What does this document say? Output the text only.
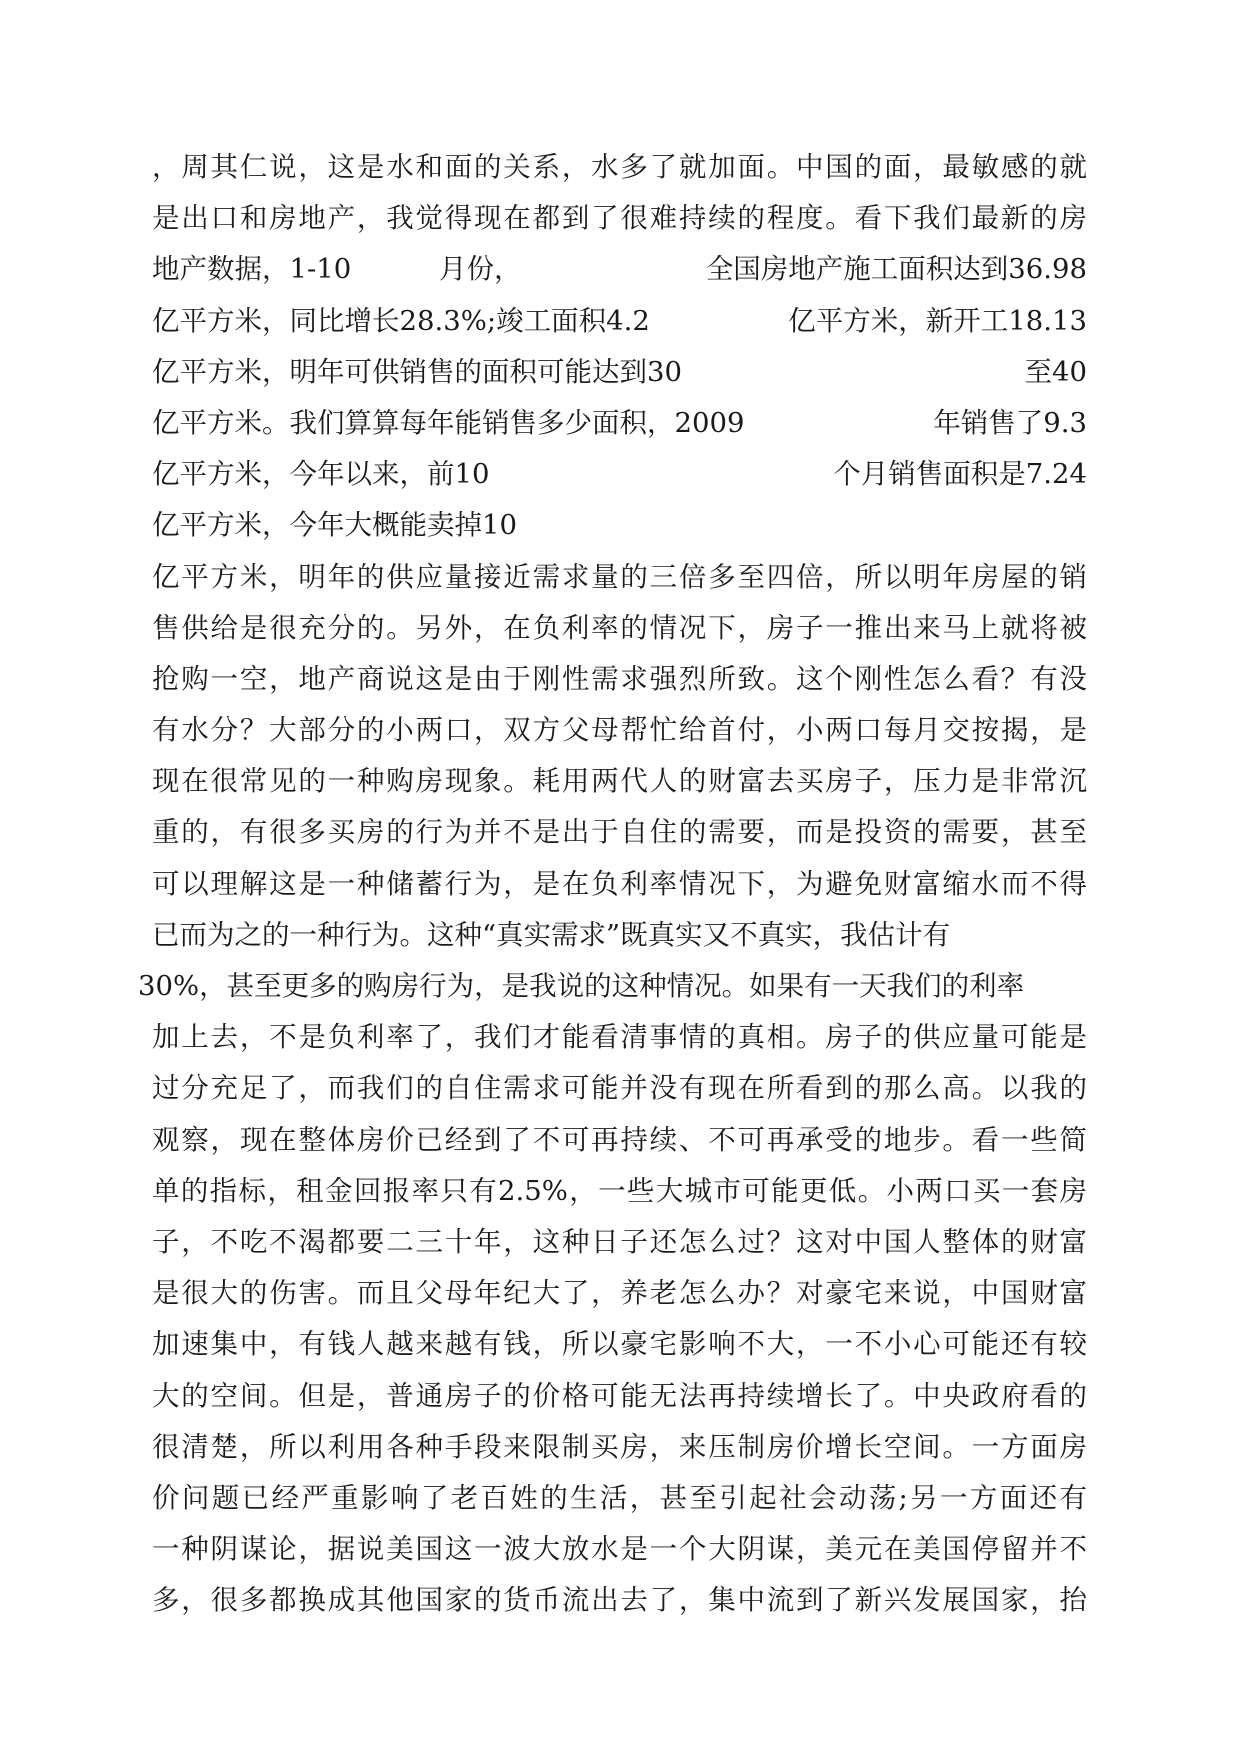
，周其仁说，这是水和面的关系，水多了就加面。中国的面，最敏感的就
是出口和房地产，我觉得现在都到了很难持续的程度。看下我们最新的房
地产数据，1-10	月份，	全国房地产施工面积达到36.98
亿平方米，同比增长28.3%;竣工面积4.2	亿平方米，新开工18.13
亿平方米，明年可供销售的面积可能达到30	至40
亿平方米。我们算算每年能销售多少面积，2009	年销售了9.3
亿平方米，今年以来，前10	个月销售面积是7.24
亿平方米，今年大概能卖掉10
亿平方米，明年的供应量接近需求量的三倍多至四倍，所以明年房屋的销
售供给是很充分的。另外，在负利率的情况下，房子一推出来马上就将被
抢购一空，地产商说这是由于刚性需求强烈所致。这个刚性怎么看？有没
有水分？大部分的小两口，双方父母帮忙给首付，小两口每月交按揭，是
现在很常见的一种购房现象。耗用两代人的财富去买房子，压力是非常沉
重的，有很多买房的行为并不是出于自住的需要，而是投资的需要，甚至
可以理解这是一种储蓄行为，是在负利率情况下，为避免财富缩水而不得
已而为之的一种行为。这种“真实需求”既真实又不真实，我估计有
30%，甚至更多的购房行为，是我说的这种情况。如果有一天我们的利率
加上去，不是负利率了，我们才能看清事情的真相。房子的供应量可能是
过分充足了，而我们的自住需求可能并没有现在所看到的那么高。以我的
观察，现在整体房价已经到了不可再持续、不可再承受的地步。看一些简
单的指标，租金回报率只有2.5%，一些大城市可能更低。小两口买一套房
子，不吃不渴都要二三十年，这种日子还怎么过？这对中国人整体的财富
是很大的伤害。而且父母年纪大了，养老怎么办？对豪宅来说，中国财富
加速集中，有钱人越来越有钱，所以豪宅影响不大，一不小心可能还有较
大的空间。但是，普通房子的价格可能无法再持续增长了。中央政府看的
很清楚，所以利用各种手段来限制买房，来压制房价增长空间。一方面房
价问题已经严重影响了老百姓的生活，甚至引起社会动荡;另一方面还有
一种阴谋论，据说美国这一波大放水是一个大阴谋，美元在美国停留并不
多，很多都换成其他国家的货币流出去了，集中流到了新兴发展国家，抬
